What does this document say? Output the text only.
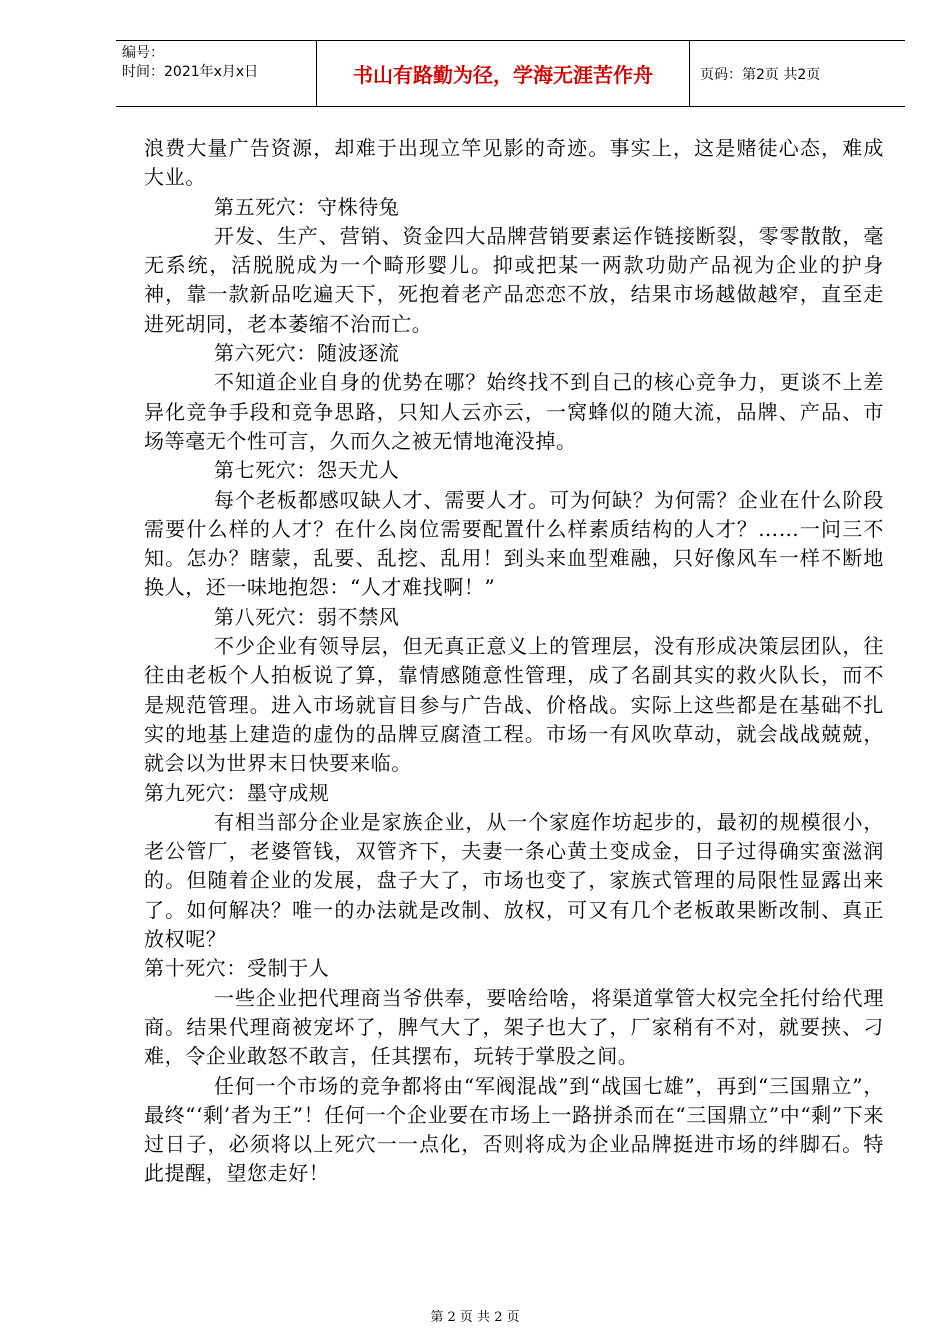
编号：
时间：2021年x月x日	书山有路勤为径，学海无涯苦作舟	页码：第2页 共2页

浪费大量广告资源，却难于出现立竿见影的奇迹。事实上，这是赌徒心态，难成大业。

第五死穴：守株待兔

开发、生产、营销、资金四大品牌营销要素运作链接断裂，零零散散，毫无系统，活脱脱成为一个畸形婴儿。抑或把某一两款功勋产品视为企业的护身神，靠一款新品吃遍天下，死抱着老产品恋恋不放，结果市场越做越窄，直至走进死胡同，老本萎缩不治而亡。

第六死穴：随波逐流

不知道企业自身的优势在哪？始终找不到自己的核心竞争力，更谈不上差异化竞争手段和竞争思路，只知人云亦云，一窝蜂似的随大流，品牌、产品、市场等毫无个性可言，久而久之被无情地淹没掉。

第七死穴：怨天尤人

每个老板都感叹缺人才、需要人才。可为何缺？为何需？企业在什么阶段需要什么样的人才？在什么岗位需要配置什么样素质结构的人才？……一问三不知。怎办？瞎蒙，乱要、乱挖、乱用！到头来血型难融，只好像风车一样不断地换人，还一味地抱怨：“人才难找啊！”

第八死穴：弱不禁风

不少企业有领导层，但无真正意义上的管理层，没有形成决策层团队，往往由老板个人拍板说了算，靠情感随意性管理，成了名副其实的救火队长，而不是规范管理。进入市场就盲目参与广告战、价格战。实际上这些都是在基础不扎实的地基上建造的虚伪的品牌豆腐渣工程。市场一有风吹草动，就会战战兢兢，就会以为世界末日快要来临。

第九死穴：墨守成规

有相当部分企业是家族企业，从一个家庭作坊起步的，最初的规模很小，老公管厂，老婆管钱，双管齐下，夫妻一条心黄土变成金，日子过得确实蛮滋润的。但随着企业的发展，盘子大了，市场也变了，家族式管理的局限性显露出来了。如何解决？唯一的办法就是改制、放权，可又有几个老板敢果断改制、真正放权呢？

第十死穴：受制于人

一些企业把代理商当爷供奉，要啥给啥，将渠道掌管大权完全托付给代理商。结果代理商被宠坏了，脾气大了，架子也大了，厂家稍有不对，就要挟、刁难，令企业敢怒不敢言，任其摆布，玩转于掌股之间。

任何一个市场的竞争都将由“军阀混战”到“战国七雄”，再到“三国鼎立”，最终“‘剩’者为王”！任何一个企业要在市场上一路拼杀而在“三国鼎立”中“剩”下来过日子，必须将以上死穴一一点化，否则将成为企业品牌挺进市场的绊脚石。特此提醒，望您走好！

第 2 页 共 2 页
